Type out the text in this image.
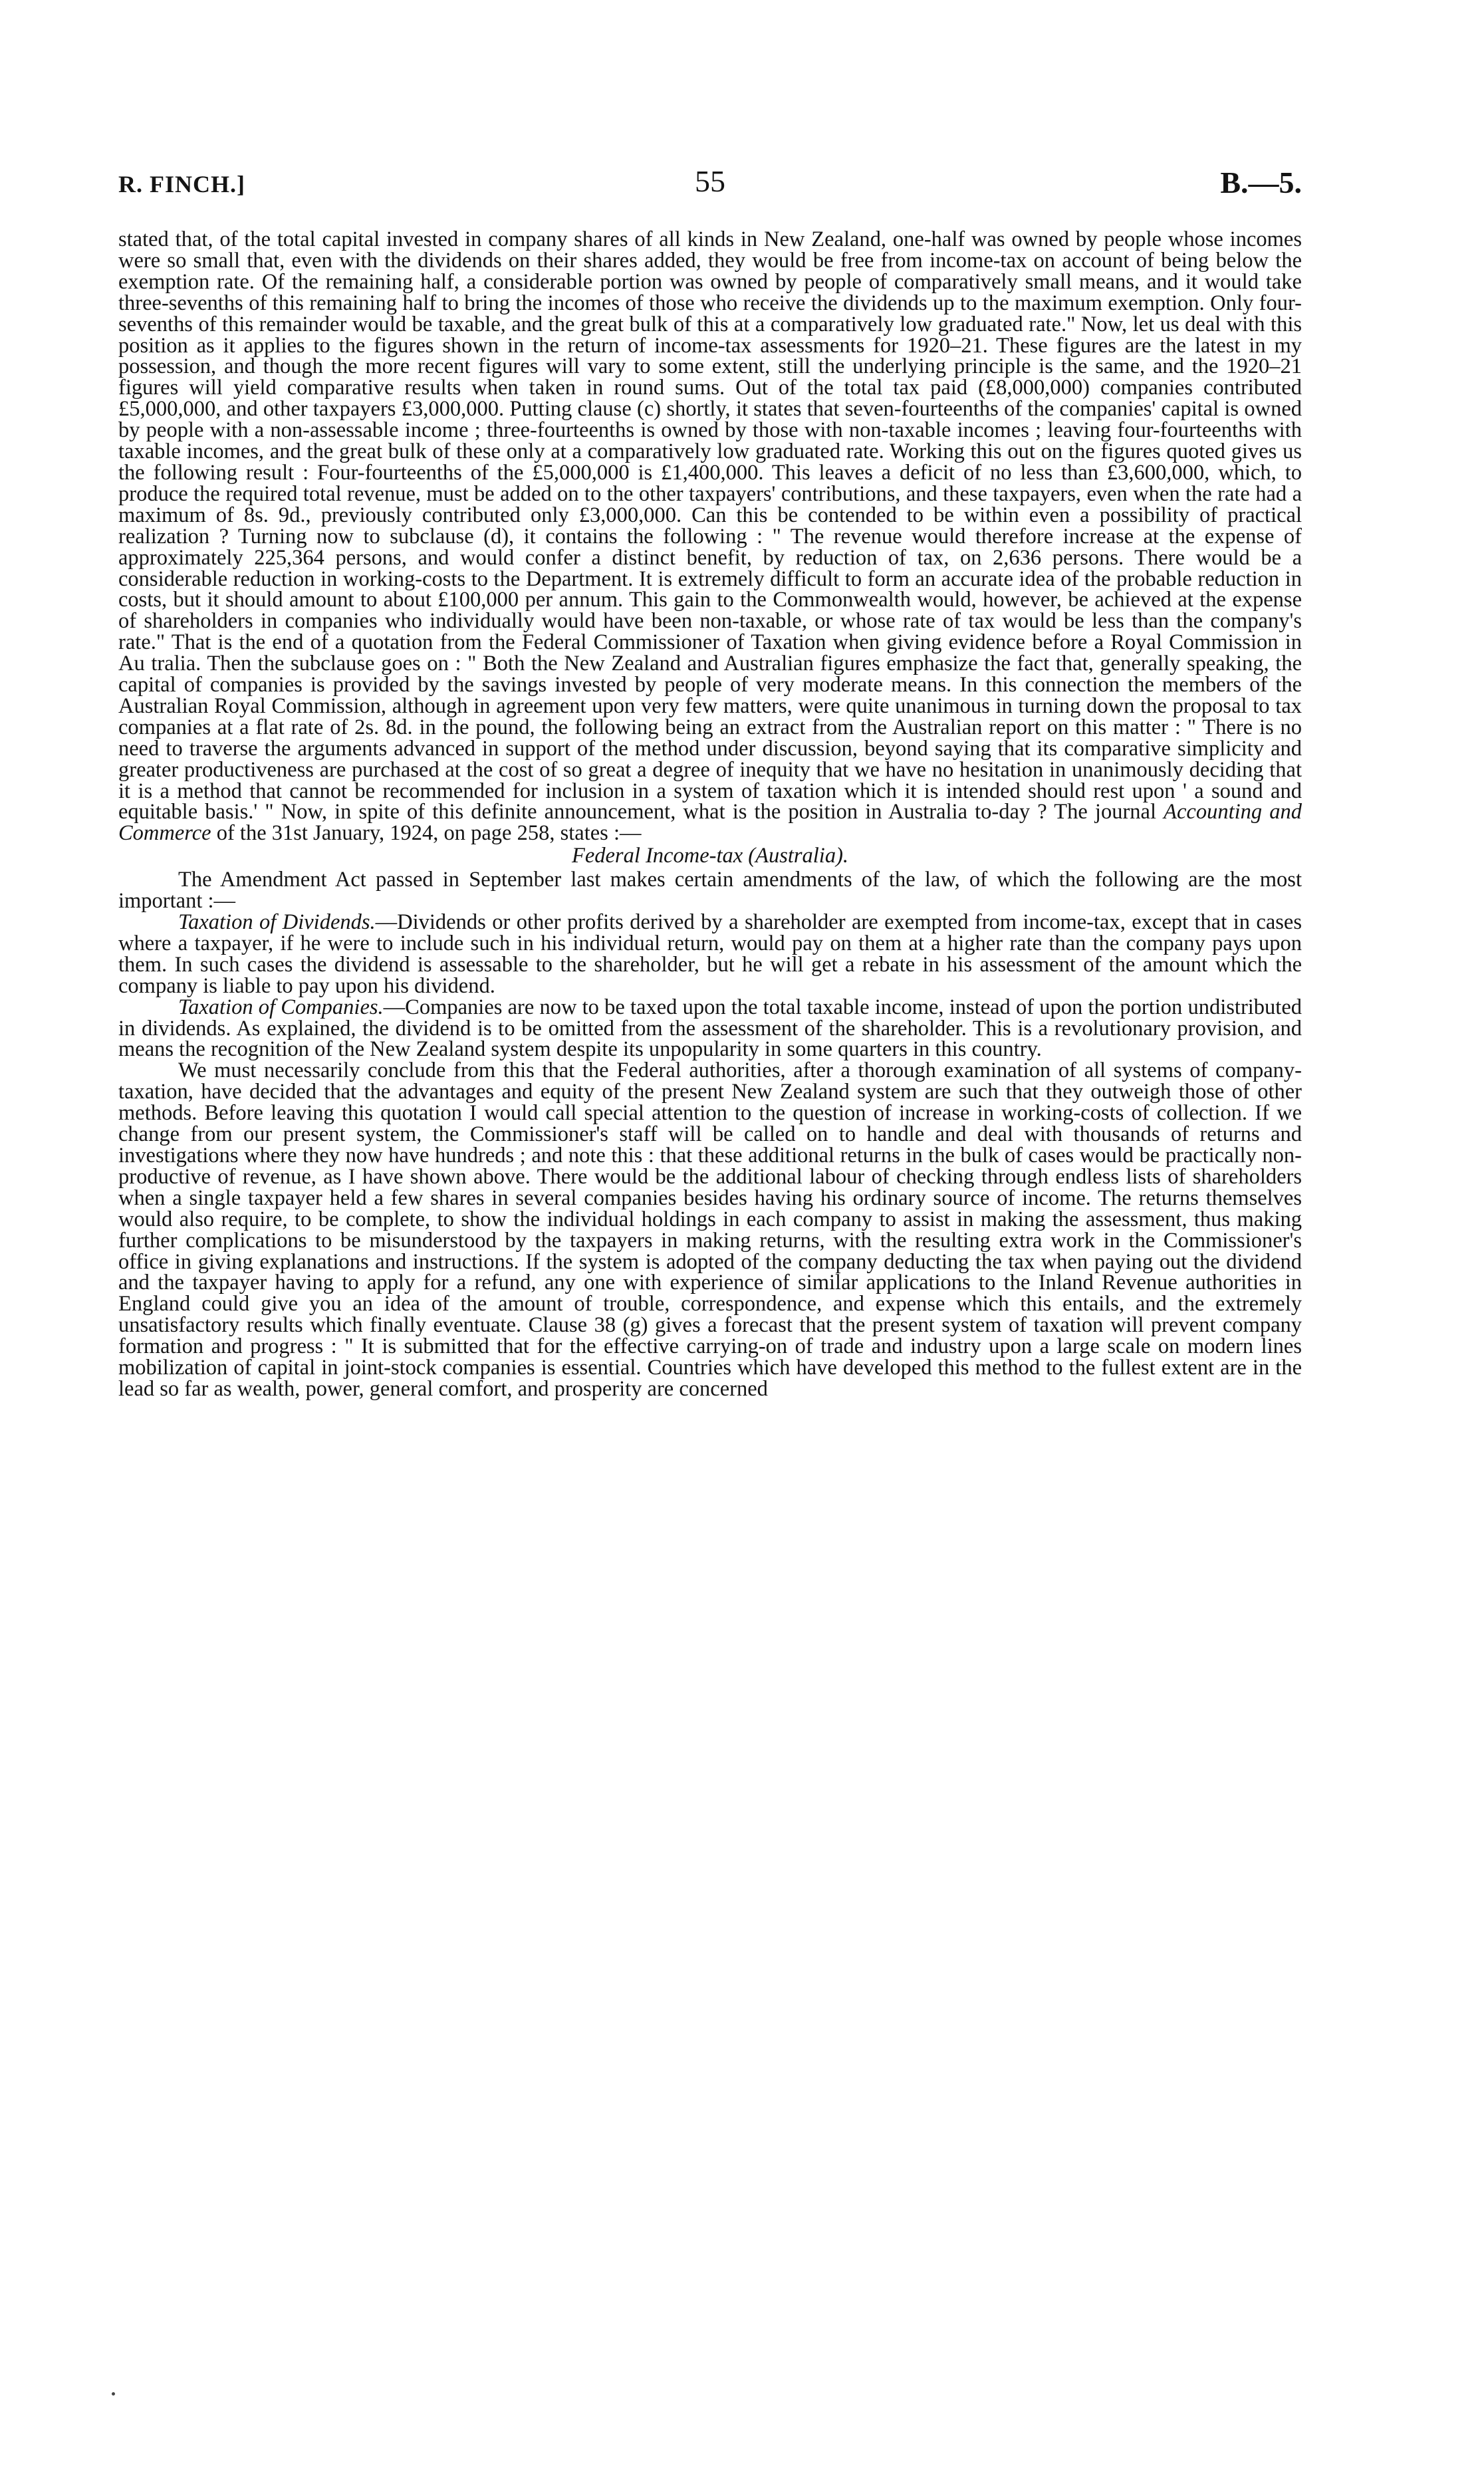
R. FINCH.]	55	B.—5.

stated that, of the total capital invested in company shares of all kinds in New Zealand, one-half was owned by people whose incomes were so small that, even with the dividends on their shares added, they would be free from income-tax on account of being below the exemption rate. Of the remaining half, a considerable portion was owned by people of comparatively small means, and it would take three-sevenths of this remaining half to bring the incomes of those who receive the dividends up to the maximum exemption. Only four-sevenths of this remainder would be taxable, and the great bulk of this at a comparatively low graduated rate." Now, let us deal with this position as it applies to the figures shown in the return of income-tax assessments for 1920–21. These figures are the latest in my possession, and though the more recent figures will vary to some extent, still the underlying principle is the same, and the 1920–21 figures will yield comparative results when taken in round sums. Out of the total tax paid (£8,000,000) companies contributed £5,000,000, and other taxpayers £3,000,000. Putting clause (c) shortly, it states that seven-fourteenths of the companies' capital is owned by people with a non-assessable income ; three-fourteenths is owned by those with non-taxable incomes ; leaving four-fourteenths with taxable incomes, and the great bulk of these only at a comparatively low graduated rate. Working this out on the figures quoted gives us the following result : Four-fourteenths of the £5,000,000 is £1,400,000. This leaves a deficit of no less than £3,600,000, which, to produce the required total revenue, must be added on to the other taxpayers' contributions, and these taxpayers, even when the rate had a maximum of 8s. 9d., previously contributed only £3,000,000. Can this be contended to be within even a possibility of practical realization ? Turning now to subclause (d), it contains the following : " The revenue would therefore increase at the expense of approximately 225,364 persons, and would confer a distinct benefit, by reduction of tax, on 2,636 persons. There would be a considerable reduction in working-costs to the Department. It is extremely difficult to form an accurate idea of the probable reduction in costs, but it should amount to about £100,000 per annum. This gain to the Commonwealth would, however, be achieved at the expense of shareholders in companies who individually would have been non-taxable, or whose rate of tax would be less than the company's rate." That is the end of a quotation from the Federal Commissioner of Taxation when giving evidence before a Royal Commission in Au tralia. Then the subclause goes on : " Both the New Zealand and Australian figures emphasize the fact that, generally speaking, the capital of companies is provided by the savings invested by people of very moderate means. In this connection the members of the Australian Royal Commission, although in agreement upon very few matters, were quite unanimous in turning down the proposal to tax companies at a flat rate of 2s. 8d. in the pound, the following being an extract from the Australian report on this matter : " There is no need to traverse the arguments advanced in support of the method under discussion, beyond saying that its comparative simplicity and greater productiveness are purchased at the cost of so great a degree of inequity that we have no hesitation in unanimously deciding that it is a method that cannot be recommended for inclusion in a system of taxation which it is intended should rest upon ' a sound and equitable basis.' " Now, in spite of this definite announcement, what is the position in Australia to-day ? The journal Accounting and Commerce of the 31st January, 1924, on page 258, states :—

Federal Income-tax (Australia).

The Amendment Act passed in September last makes certain amendments of the law, of which the following are the most important :—

Taxation of Dividends.—Dividends or other profits derived by a shareholder are exempted from income-tax, except that in cases where a taxpayer, if he were to include such in his individual return, would pay on them at a higher rate than the company pays upon them. In such cases the dividend is assessable to the shareholder, but he will get a rebate in his assessment of the amount which the company is liable to pay upon his dividend.

Taxation of Companies.—Companies are now to be taxed upon the total taxable income, instead of upon the portion undistributed in dividends. As explained, the dividend is to be omitted from the assessment of the shareholder. This is a revolutionary provision, and means the recognition of the New Zealand system despite its unpopularity in some quarters in this country.

We must necessarily conclude from this that the Federal authorities, after a thorough examination of all systems of company-taxation, have decided that the advantages and equity of the present New Zealand system are such that they outweigh those of other methods. Before leaving this quotation I would call special attention to the question of increase in working-costs of collection. If we change from our present system, the Commissioner's staff will be called on to handle and deal with thousands of returns and investigations where they now have hundreds ; and note this : that these additional returns in the bulk of cases would be practically non-productive of revenue, as I have shown above. There would be the additional labour of checking through endless lists of shareholders when a single taxpayer held a few shares in several companies besides having his ordinary source of income. The returns themselves would also require, to be complete, to show the individual holdings in each company to assist in making the assessment, thus making further complications to be misunderstood by the taxpayers in making returns, with the resulting extra work in the Commissioner's office in giving explanations and instructions. If the system is adopted of the company deducting the tax when paying out the dividend and the taxpayer having to apply for a refund, any one with experience of similar applications to the Inland Revenue authorities in England could give you an idea of the amount of trouble, correspondence, and expense which this entails, and the extremely unsatisfactory results which finally eventuate. Clause 38 (g) gives a forecast that the present system of taxation will prevent company formation and progress : " It is submitted that for the effective carrying-on of trade and industry upon a large scale on modern lines mobilization of capital in joint-stock companies is essential. Countries which have developed this method to the fullest extent are in the lead so far as wealth, power, general comfort, and prosperity are concerned
